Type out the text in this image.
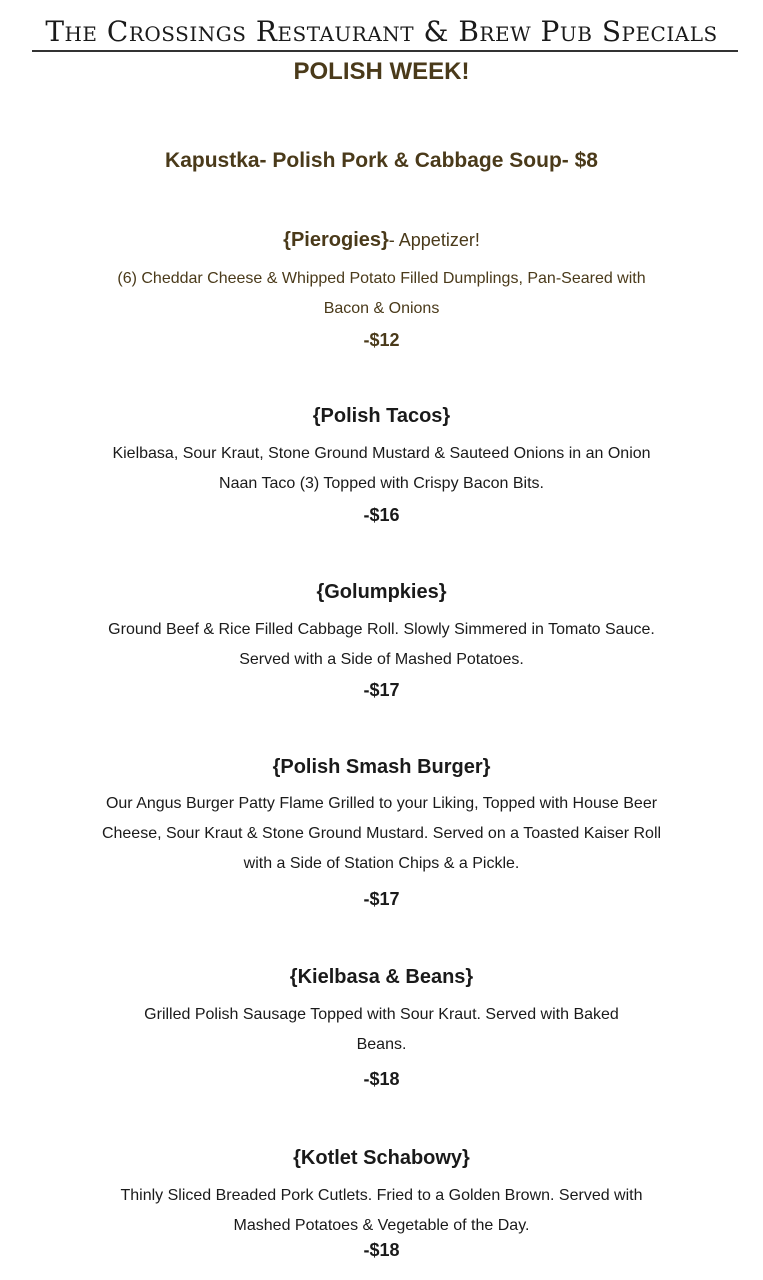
The Crossings Restaurant & Brew Pub Specials
POLISH WEEK!
Kapustka- Polish Pork & Cabbage Soup- $8
{Pierogies}- Appetizer!
(6) Cheddar Cheese & Whipped Potato Filled Dumplings, Pan-Seared with
Bacon & Onions
-$12
{Polish Tacos}
Kielbasa, Sour Kraut, Stone Ground Mustard & Sauteed Onions in an Onion
Naan Taco (3) Topped with Crispy Bacon Bits.
-$16
{Golumpkies}
Ground Beef & Rice Filled Cabbage Roll. Slowly Simmered in Tomato Sauce.
Served with a Side of Mashed Potatoes.
-$17
{Polish Smash Burger}
Our Angus Burger Patty Flame Grilled to your Liking, Topped with House Beer
Cheese, Sour Kraut & Stone Ground Mustard. Served on a Toasted Kaiser Roll
with a Side of Station Chips & a Pickle.
-$17
{Kielbasa & Beans}
Grilled Polish Sausage Topped with Sour Kraut. Served with Baked
Beans.
-$18
{Kotlet Schabowy}
Thinly Sliced Breaded Pork Cutlets. Fried to a Golden Brown. Served with
Mashed Potatoes & Vegetable of the Day.
-$18
